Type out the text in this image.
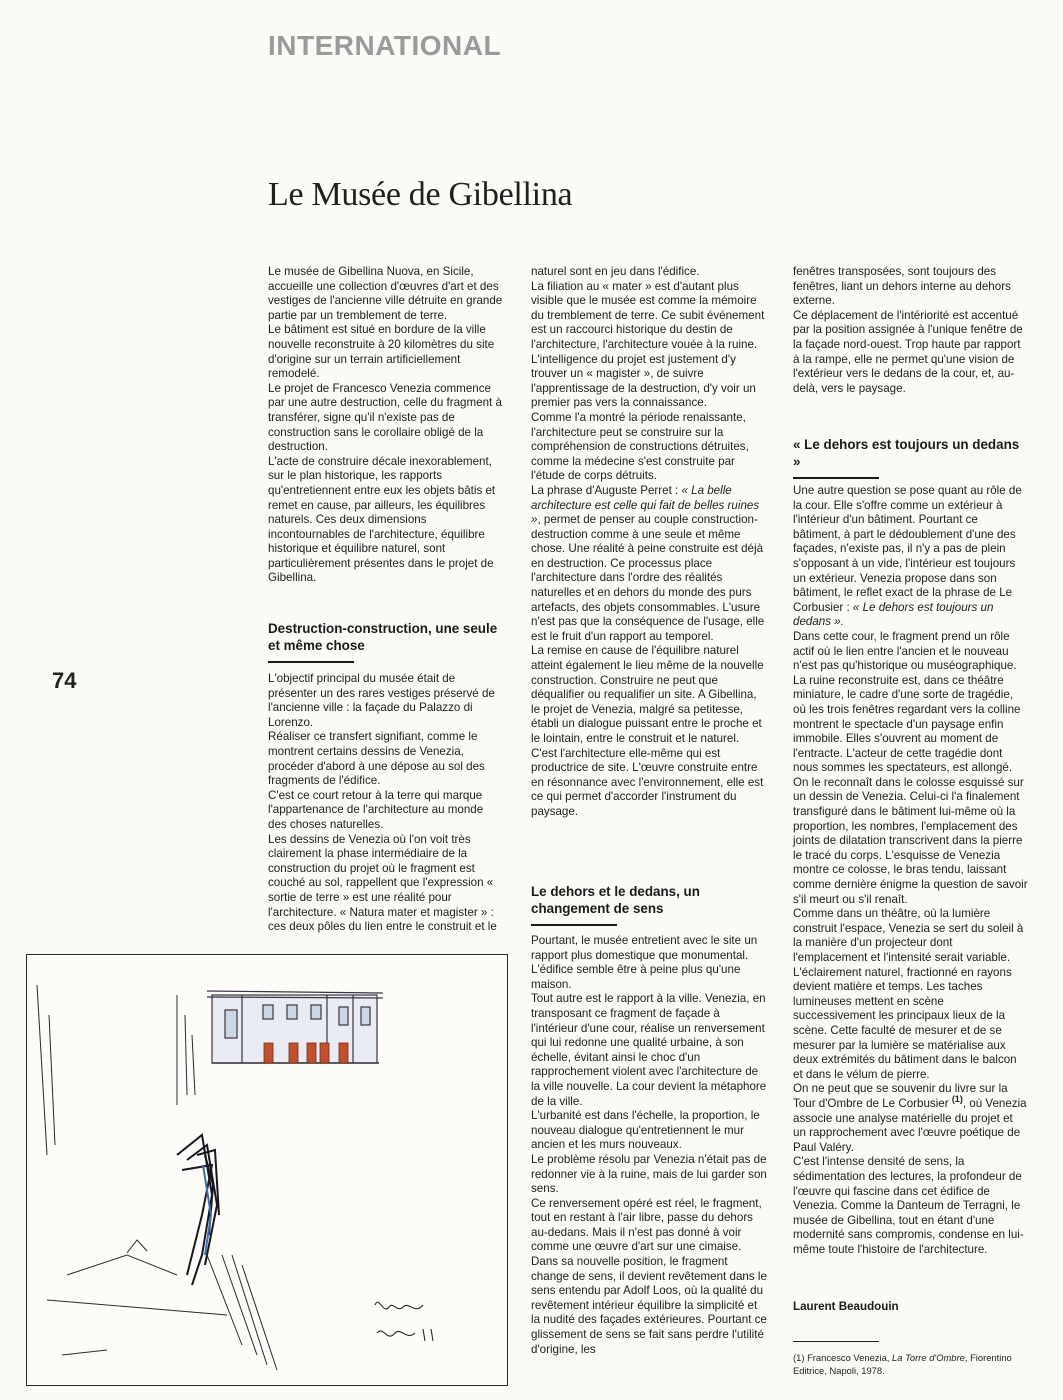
INTERNATIONAL
Le Musée de Gibellina
74

Le musée de Gibellina Nuova, en Sicile, accueille une collection d'œuvres d'art et des vestiges de l'ancienne ville détruite en grande partie par un tremblement de terre.

Le bâtiment est situé en bordure de la ville nouvelle reconstruite à 20 kilomètres du site d'origine sur un terrain artificiellement remodelé.

Le projet de Francesco Venezia commence par une autre destruction, celle du fragment à transférer, signe qu'il n'existe pas de construction sans le corollaire obligé de la destruction.

L'acte de construire décale inexorablement, sur le plan historique, les rapports qu'entretiennent entre eux les objets bâtis et remet en cause, par ailleurs, les équilibres naturels. Ces deux dimensions incontournables de l'architecture, équilibre historique et équilibre naturel, sont particulièrement présentes dans le projet de Gibellina.

Destruction-construction, une seule et même chose

L'objectif principal du musée était de présenter un des rares vestiges préservé de l'ancienne ville : la façade du Palazzo di Lorenzo.

Réaliser ce transfert signifiant, comme le montrent certains dessins de Venezia, procéder d'abord à une dépose au sol des fragments de l'édifice.

C'est ce court retour à la terre qui marque l'appartenance de l'architecture au monde des choses naturelles.

Les dessins de Venezia où l'on voit très clairement la phase intermédiaire de la construction du projet où le fragment est couché au sol, rappellent que l'expression « sortie de terre » est une réalité pour l'architecture. « Natura mater et magister » : ces deux pôles du lien entre le construit et le

naturel sont en jeu dans l'édifice.

La filiation au « mater » est d'autant plus visible que le musée est comme la mémoire du tremblement de terre. Ce subit événement est un raccourci historique du destin de l'architecture, l'architecture vouée à la ruine. L'intelligence du projet est justement d'y trouver un « magister », de suivre l'apprentissage de la destruction, d'y voir un premier pas vers la connaissance.

Comme l'a montré la période renaissante, l'architecture peut se construire sur la compréhension de constructions détruites, comme la médecine s'est construite par l'étude de corps détruits.

La phrase d'Auguste Perret : « La belle architecture est celle qui fait de belles ruines », permet de penser au couple construction-destruction comme à une seule et même chose. Une réalité à peine construite est déjà en destruction. Ce processus place l'architecture dans l'ordre des réalités naturelles et en dehors du monde des purs artefacts, des objets consommables. L'usure n'est pas que la conséquence de l'usage, elle est le fruit d'un rapport au temporel.

La remise en cause de l'équilibre naturel atteint également le lieu même de la nouvelle construction. Construire ne peut que déqualifier ou requalifier un site. A Gibellina, le projet de Venezia, malgré sa petitesse, établi un dialogue puissant entre le proche et le lointain, entre le construit et le naturel. C'est l'architecture elle-même qui est productrice de site. L'œuvre construite entre en résonnance avec l'environnement, elle est ce qui permet d'accorder l'instrument du paysage.

Le dehors et le dedans, un changement de sens

Pourtant, le musée entretient avec le site un rapport plus domestique que monumental. L'édifice semble être à peine plus qu'une maison.

Tout autre est le rapport à la ville. Venezia, en transposant ce fragment de façade à l'intérieur d'une cour, réalise un renversement qui lui redonne une qualité urbaine, à son échelle, évitant ainsi le choc d'un rapprochement violent avec l'architecture de la ville nouvelle. La cour devient la métaphore de la ville.

L'urbanité est dans l'échelle, la proportion, le nouveau dialogue qu'entretiennent le mur ancien et les murs nouveaux.

Le problème résolu par Venezia n'était pas de redonner vie à la ruine, mais de lui garder son sens.

Ce renversement opéré est réel, le fragment, tout en restant à l'air libre, passe du dehors au-dedans. Mais il n'est pas donné à voir comme une œuvre d'art sur une cimaise.

Dans sa nouvelle position, le fragment change de sens, il devient revêtement dans le sens entendu par Adolf Loos, où la qualité du revêtement intérieur équilibre la simplicité et la nudité des façades extérieures. Pourtant ce glissement de sens se fait sans perdre l'utilité d'origine, les

fenêtres transposées, sont toujours des fenêtres, liant un dehors interne au dehors externe.

Ce déplacement de l'intériorité est accentué par la position assignée à l'unique fenêtre de la façade nord-ouest. Trop haute par rapport à la rampe, elle ne permet qu'une vision de l'extérieur vers le dedans de la cour, et, au-delà, vers le paysage.

« Le dehors est toujours un dedans »

Une autre question se pose quant au rôle de la cour. Elle s'offre comme un extérieur à l'intérieur d'un bâtiment. Pourtant ce bâtiment, à part le dédoublement d'une des façades, n'existe pas, il n'y a pas de plein s'opposant à un vide, l'intérieur est toujours un extérieur. Venezia propose dans son bâtiment, le reflet exact de la phrase de Le Corbusier : « Le dehors est toujours un dedans ».

Dans cette cour, le fragment prend un rôle actif où le lien entre l'ancien et le nouveau n'est pas qu'historique ou muséographique.

La ruine reconstruite est, dans ce théâtre miniature, le cadre d'une sorte de tragédie, où les trois fenêtres regardant vers la colline montrent le spectacle d'un paysage enfin immobile. Elles s'ouvrent au moment de l'entracte. L'acteur de cette tragédie dont nous sommes les spectateurs, est allongé.

On le reconnaît dans le colosse esquissé sur un dessin de Venezia. Celui-ci l'a finalement transfiguré dans le bâtiment lui-même où la proportion, les nombres, l'emplacement des joints de dilatation transcrivent dans la pierre le tracé du corps. L'esquisse de Venezia montre ce colosse, le bras tendu, laissant comme dernière énigme la question de savoir s'il meurt ou s'il renaît.

Comme dans un théâtre, où la lumière construit l'espace, Venezia se sert du soleil à la manière d'un projecteur dont l'emplacement et l'intensité serait variable. L'éclairement naturel, fractionné en rayons devient matière et temps. Les taches lumineuses mettent en scène successivement les principaux lieux de la scène. Cette faculté de mesurer et de se mesurer par la lumière se matérialise aux deux extrémités du bâtiment dans le balcon et dans le vélum de pierre.

On ne peut que se souvenir du livre sur la Tour d'Ombre de Le Corbusier $^{(1)}$, où Venezia associe une analyse matérielle du projet et un rapprochement avec l'œuvre poétique de Paul Valéry.

C'est l'intense densité de sens, la sédimentation des lectures, la profondeur de l'œuvre qui fascine dans cet édifice de Venezia. Comme la Danteum de Terragni, le musée de Gibellina, tout en étant d'une modernité sans compromis, condense en lui-même toute l'histoire de l'architecture.

Laurent Beaudouin
(1) Francesco Venezia, La Torre d'Ombre, Fiorentino Editrice, Napoli, 1978.
